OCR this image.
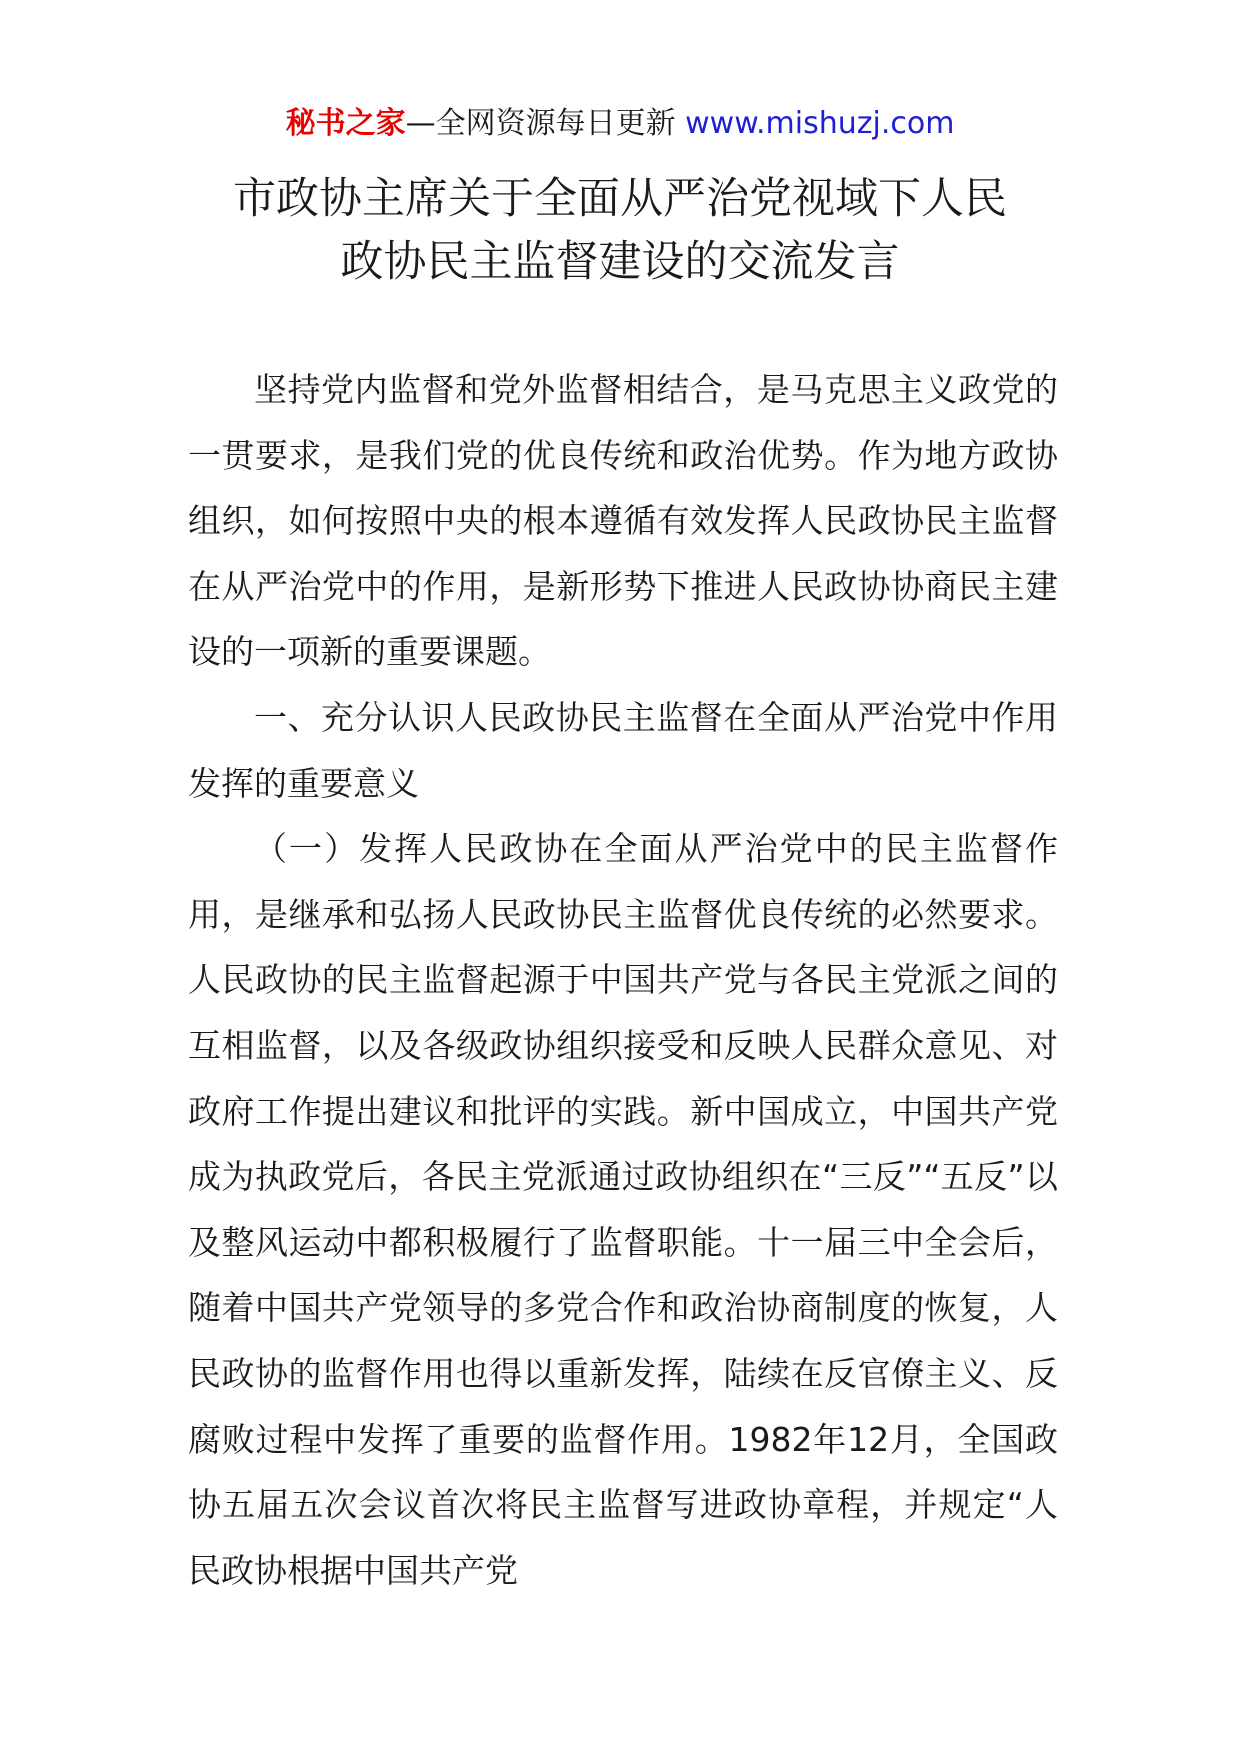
秘书之家—全网资源每日更新 www.mishuzj.com
市政协主席关于全面从严治党视域下人民
政协民主监督建设的交流发言

坚持党内监督和党外监督相结合，是马克思主义政党的一贯要求，是我们党的优良传统和政治优势。作为地方政协组织，如何按照中央的根本遵循有效发挥人民政协民主监督在从严治党中的作用，是新形势下推进人民政协协商民主建设的一项新的重要课题。

一、充分认识人民政协民主监督在全面从严治党中作用发挥的重要意义

（一）发挥人民政协在全面从严治党中的民主监督作用，是继承和弘扬人民政协民主监督优良传统的必然要求。人民政协的民主监督起源于中国共产党与各民主党派之间的互相监督，以及各级政协组织接受和反映人民群众意见、对政府工作提出建议和批评的实践。新中国成立，中国共产党成为执政党后，各民主党派通过政协组织在“三反”“五反”以及整风运动中都积极履行了监督职能。十一届三中全会后，随着中国共产党领导的多党合作和政治协商制度的恢复，人民政协的监督作用也得以重新发挥，陆续在反官僚主义、反腐败过程中发挥了重要的监督作用。1982年12月，全国政协五届五次会议首次将民主监督写进政协章程，并规定“人民政协根据中国共产党
